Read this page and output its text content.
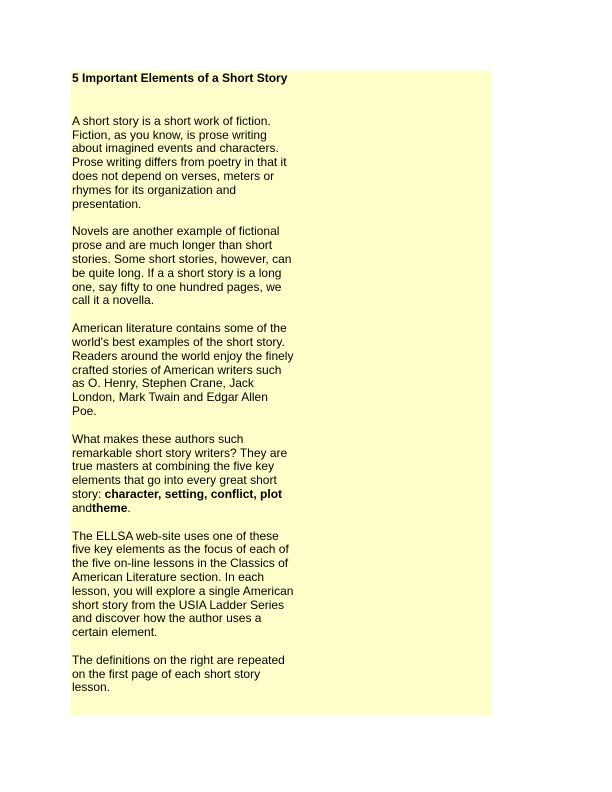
5 Important Elements of a Short Story

A short story is a short work of fiction. Fiction, as you know, is prose writing about imagined events and characters. Prose writing differs from poetry in that it does not depend on verses, meters or rhymes for its organization and presentation.

Novels are another example of fictional prose and are much longer than short stories. Some short stories, however, can be quite long. If a a short story is a long one, say fifty to one hundred pages, we call it a novella.

American literature contains some of the world's best examples of the short story. Readers around the world enjoy the finely crafted stories of American writers such as O. Henry, Stephen Crane, Jack London, Mark Twain and Edgar Allen Poe.

What makes these authors such remarkable short story writers? They are true masters at combining the five key elements that go into every great short story: character, setting, conflict, plot andtheme.

The ELLSA web-site uses one of these five key elements as the focus of each of the five on-line lessons in the Classics of American Literature section. In each lesson, you will explore a single American short story from the USIA Ladder Series and discover how the author uses a certain element.

The definitions on the right are repeated on the first page of each short story lesson.
